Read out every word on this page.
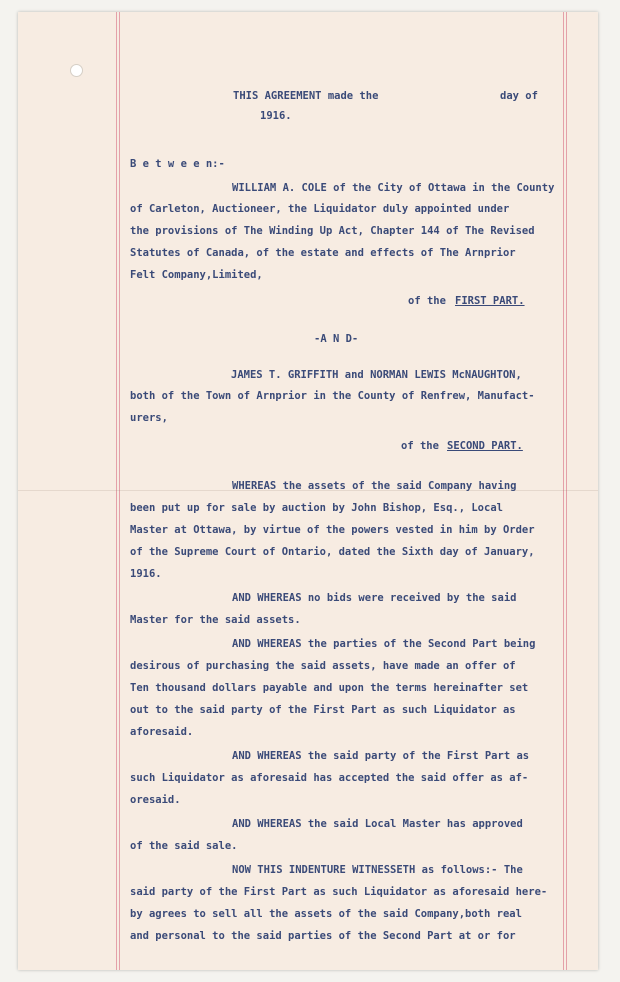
THIS AGREEMENT made the	day of
1916.
B e t w e e n:-
WILLIAM A. COLE of the City of Ottawa in the County
of Carleton, Auctioneer, the Liquidator duly appointed under
the provisions of The Winding Up Act, Chapter 144 of The Revised
Statutes of Canada, of the estate and effects of The Arnprior
Felt Company,Limited,
of the FIRST PART.
-A N D-
JAMES T. GRIFFITH and NORMAN LEWIS McNAUGHTON,
both of the Town of Arnprior in the County of Renfrew, Manufact-
urers,
of the SECOND PART.
WHEREAS the assets of the said Company having
been put up for sale by auction by John Bishop, Esq., Local
Master at Ottawa, by virtue of the powers vested in him by Order
of the Supreme Court of Ontario, dated the Sixth day of January,
1916.
AND WHEREAS no bids were received by the said
Master for the said assets.
AND WHEREAS the parties of the Second Part being
desirous of purchasing the said assets, have made an offer of
Ten thousand dollars payable and upon the terms hereinafter set
out to the said party of the First Part as such Liquidator as
aforesaid.
AND WHEREAS the said party of the First Part as
such Liquidator as aforesaid has accepted the said offer as af-
oresaid.
AND WHEREAS the said Local Master has approved
of the said sale.
NOW THIS INDENTURE WITNESSETH as follows:- The
said party of the First Part as such Liquidator as aforesaid here-
by agrees to sell all the assets of the said Company,both real
and personal to the said parties of the Second Part at or for
